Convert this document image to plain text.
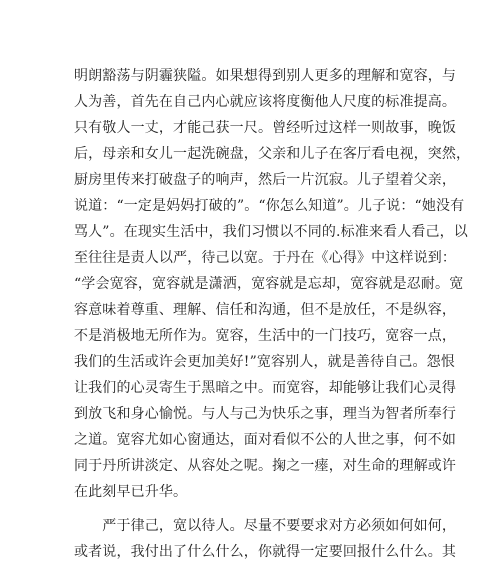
明朗豁荡与阴霾狭隘。如果想得到别人更多的理解和宽容，与
人为善，首先在自己内心就应该将度衡他人尺度的标准提高。
只有敬人一丈，才能己获一尺。曾经听过这样一则故事，晚饭
后，母亲和女儿一起洗碗盘，父亲和儿子在客厅看电视，突然，
厨房里传来打破盘子的响声，然后一片沉寂。儿子望着父亲，
说道：“一定是妈妈打破的”。“你怎么知道”。儿子说：“她没有
骂人”。在现实生活中，我们习惯以不同的.标准来看人看己，以
至往往是责人以严，待己以宽。于丹在《心得》中这样说到：
“学会宽容，宽容就是潇洒，宽容就是忘却，宽容就是忍耐。宽
容意味着尊重、理解、信任和沟通，但不是放任，不是纵容，
不是消极地无所作为。宽容，生活中的一门技巧，宽容一点，
我们的生活或许会更加美好!”宽容别人，就是善待自己。怨恨
让我们的心灵寄生于黑暗之中。而宽容，却能够让我们心灵得
到放飞和身心愉悦。与人与己为快乐之事，理当为智者所奉行
之道。宽容尤如心窗通达，面对看似不公的人世之事，何不如
同于丹所讲淡定、从容处之呢。掬之一瘗，对生命的理解或许
在此刻早已升华。
　　严于律己，宽以待人。尽量不要要求对方必须如何如何，
或者说，我付出了什么什么，你就得一定要回报什么什么。其
